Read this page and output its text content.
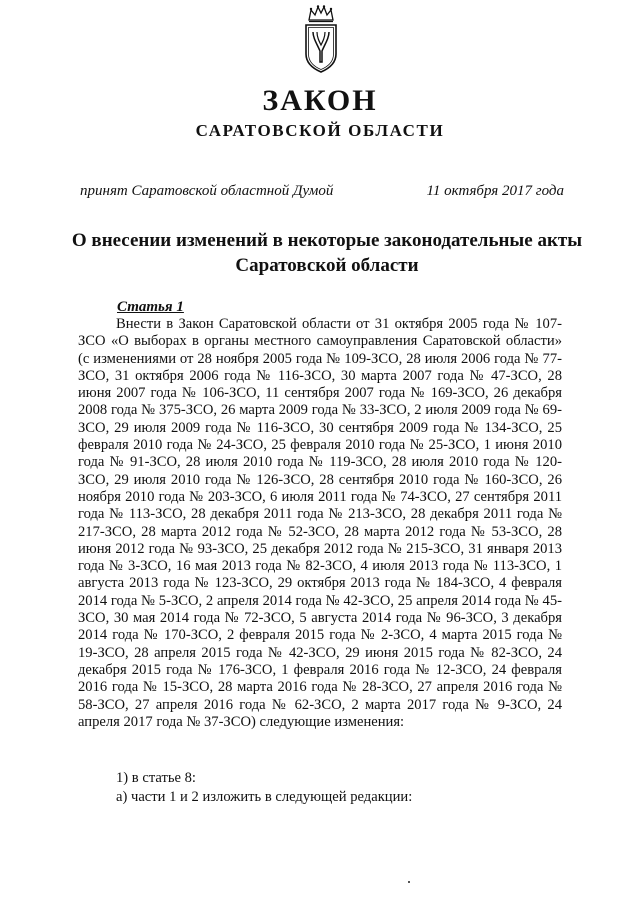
ЗАКОН
САРАТОВСКОЙ ОБЛАСТИ
принят Саратовской областной Думой	11 октября 2017 года
О внесении изменений в некоторые законодательные акты Саратовской области
Статья 1

Внести в Закон Саратовской области от 31 октября 2005 года № 107-ЗСО «О выборах в органы местного самоуправления Саратовской области» (с изменениями от 28 ноября 2005 года № 109-ЗСО, 28 июля 2006 года № 77-ЗСО, 31 октября 2006 года № 116-ЗСО, 30 марта 2007 года № 47-ЗСО, 28 июня 2007 года № 106-ЗСО, 11 сентября 2007 года № 169-ЗСО, 26 декабря 2008 года № 375-ЗСО, 26 марта 2009 года № 33-ЗСО, 2 июля 2009 года № 69-ЗСО, 29 июля 2009 года № 116-ЗСО, 30 сентября 2009 года № 134-ЗСО, 25 февраля 2010 года № 24-ЗСО, 25 февраля 2010 года № 25-ЗСО, 1 июня 2010 года № 91-ЗСО, 28 июля 2010 года № 119-ЗСО, 28 июля 2010 года № 120-ЗСО, 29 июля 2010 года № 126-ЗСО, 28 сентября 2010 года № 160-ЗСО, 26 ноября 2010 года № 203-ЗСО, 6 июля 2011 года № 74-ЗСО, 27 сентября 2011 года № 113-ЗСО, 28 декабря 2011 года № 213-ЗСО, 28 декабря 2011 года № 217-ЗСО, 28 марта 2012 года № 52-ЗСО, 28 марта 2012 года № 53-ЗСО, 28 июня 2012 года № 93-ЗСО, 25 декабря 2012 года № 215-ЗСО, 31 января 2013 года № 3-ЗСО, 16 мая 2013 года № 82-ЗСО, 4 июля 2013 года № 113-ЗСО, 1 августа 2013 года № 123-ЗСО, 29 октября 2013 года № 184-ЗСО, 4 февраля 2014 года № 5-ЗСО, 2 апреля 2014 года № 42-ЗСО, 25 апреля 2014 года № 45-ЗСО, 30 мая 2014 года № 72-ЗСО, 5 августа 2014 года № 96-ЗСО, 3 декабря 2014 года № 170-ЗСО, 2 февраля 2015 года № 2-ЗСО, 4 марта 2015 года № 19-ЗСО, 28 апреля 2015 года № 42-ЗСО, 29 июня 2015 года № 82-ЗСО, 24 декабря 2015 года № 176-ЗСО, 1 февраля 2016 года № 12-ЗСО, 24 февраля 2016 года № 15-ЗСО, 28 марта 2016 года № 28-ЗСО, 27 апреля 2016 года № 58-ЗСО, 27 апреля 2016 года № 62-ЗСО, 2 марта 2017 года № 9-ЗСО, 24 апреля 2017 года № 37-ЗСО) следующие изменения:

1) в статье 8:

а) части 1 и 2 изложить в следующей редакции:
